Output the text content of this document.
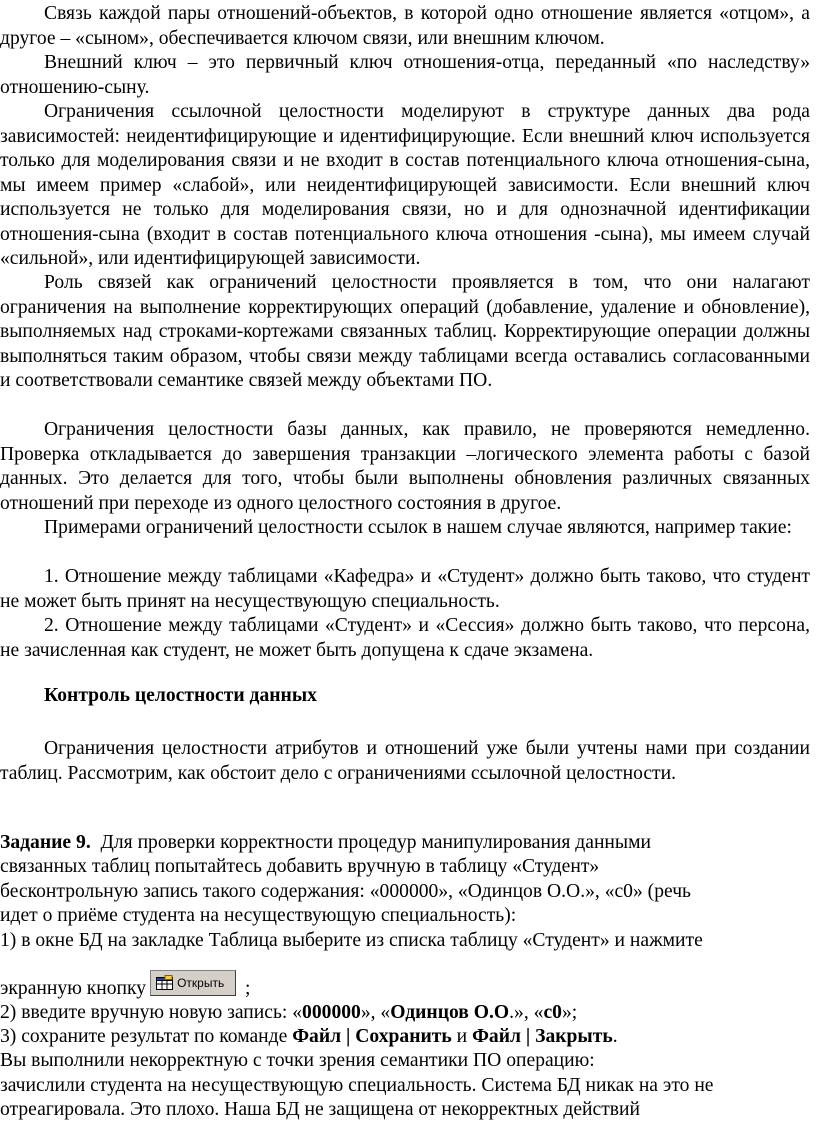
Связь каждой пары отношений-объектов, в которой одно отношение является «отцом», а другое – «сыном», обеспечивается ключом связи, или внешним ключом.

Внешний ключ – это первичный ключ отношения-отца, переданный «по наследству» отношению-сыну.

Ограничения ссылочной целостности моделируют в структуре данных два рода зависимостей: неидентифицирующие и идентифицирующие. Если внешний ключ используется только для моделирования связи и не входит в состав потенциального ключа отношения-сына, мы имеем пример «слабой», или неидентифицирующей зависимости. Если внешний ключ используется не только для моделирования связи, но и для однозначной идентификации отношения-сына (входит в состав потенциального ключа отношения -сына), мы имеем случай «сильной», или идентифицирующей зависимости.

Роль связей как ограничений целостности проявляется в том, что они налагают ограничения на выполнение корректирующих операций (добавление, удаление и обновление), выполняемых над строками-кортежами связанных таблиц. Корректирующие операции должны выполняться таким образом, чтобы связи между таблицами всегда оставались согласованными и соответствовали семантике связей между объектами ПО.

Ограничения целостности базы данных, как правило, не проверяются немедленно. Проверка откладывается до завершения транзакции –логического элемента работы с базой данных. Это делается для того, чтобы были выполнены обновления различных связанных отношений при переходе из одного целостного состояния в другое.

Примерами ограничений целостности ссылок в нашем случае являются, например такие:

1. Отношение между таблицами «Кафедра» и «Студент» должно быть таково, что студент не может быть принят на несуществующую специальность.

2. Отношение между таблицами «Студент» и «Сессия» должно быть таково, что персона, не зачисленная как студент, не может быть допущена к сдаче экзамена.

Контроль целостности данных

Ограничения целостности атрибутов и отношений уже были учтены нами при создании таблиц. Рассмотрим, как обстоит дело с ограничениями ссылочной целостности.

Задание 9. Для проверки корректности процедур манипулирования данными

связанных таблиц попытайтесь добавить вручную в таблицу «Студент»

бесконтрольную запись такого содержания: «000000», «Одинцов О.О.», «с0» (речь

идет о приёме студента на несуществующую специальность):

1) в окне БД на закладке Таблица выберите из списка таблицу «Студент» и нажмите

экранную кнопку	Открыть ;

2) введите вручную новую запись: «000000», «Одинцов О.О.», «с0»;

3) сохраните результат по команде Файл | Сохранить и Файл | Закрыть.

Вы выполнили некорректную с точки зрения семантики ПО операцию:

зачислили студента на несуществующую специальность. Система БД никак на это не

отреагировала. Это плохо. Наша БД не защищена от некорректных действий
